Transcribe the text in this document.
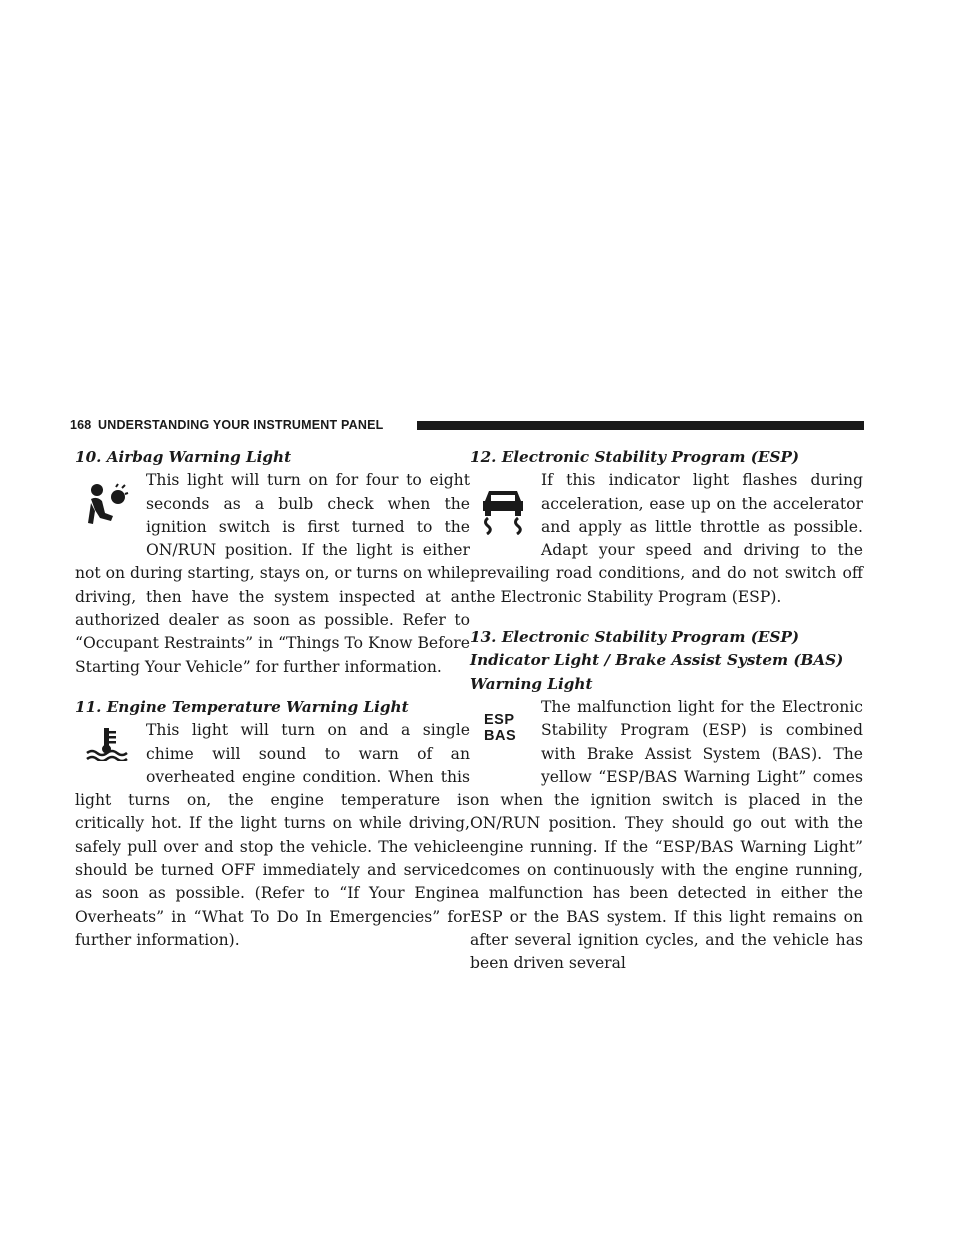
168 UNDERSTANDING YOUR INSTRUMENT PANEL
10. Airbag Warning Light
This light will turn on for four to eight seconds as a bulb check when the ignition switch is first turned to the ON/RUN position. If the light is either not on during starting, stays on, or turns on while driving, then have the system inspected at an authorized dealer as soon as possible. Refer to “Occupant Restraints” in “Things To Know Before Starting Your Vehicle” for further information.
11. Engine Temperature Warning Light
This light will turn on and a single chime will sound to warn of an overheated engine condition. When this light turns on, the engine temperature is critically hot. If the light turns on while driving, safely pull over and stop the vehicle. The vehicle should be turned OFF immediately and serviced as soon as possible. (Refer to “If Your Engine Overheats” in “What To Do In Emergencies” for further information).
12. Electronic Stability Program (ESP)
If this indicator light flashes during acceleration, ease up on the accelerator and apply as little throttle as possible. Adapt your speed and driving to the prevailing road conditions, and do not switch off the Electronic Stability Program (ESP).
13. Electronic Stability Program (ESP) Indicator Light / Brake Assist System (BAS) Warning Light
ESP
BAS
The malfunction light for the Electronic Stability Program (ESP) is combined with Brake Assist System (BAS). The yellow “ESP/BAS Warning Light” comes on when the ignition switch is placed in the ON/RUN position. They should go out with the engine running. If the “ESP/BAS Warning Light” comes on continuously with the engine running, a malfunction has been detected in either the ESP or the BAS system. If this light remains on after several ignition cycles, and the vehicle has been driven several
